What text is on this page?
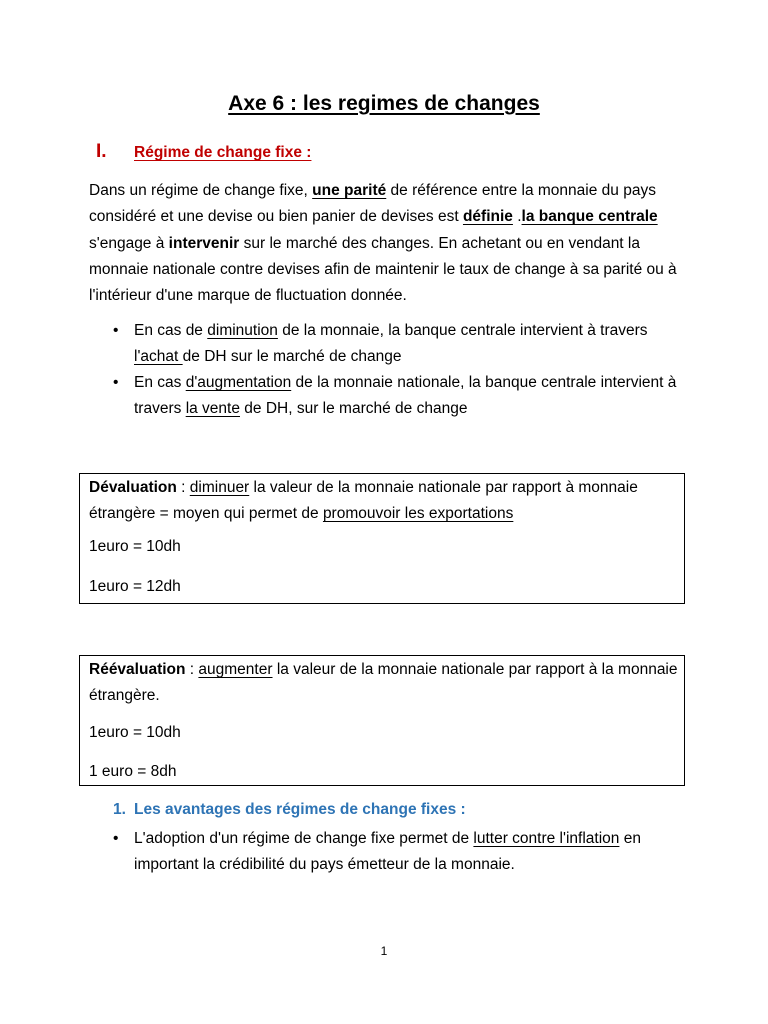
Axe 6 : les regimes de changes
I. Régime de change fixe :
Dans un régime de change fixe, une parité de référence entre la monnaie du pays considéré et une devise ou bien panier de devises est définie .la banque centrale s'engage à intervenir sur le marché des changes. En achetant ou en vendant la monnaie nationale contre devises afin de maintenir le taux de change à sa parité ou à l'intérieur d'une marque de fluctuation donnée.
• En cas de diminution de la monnaie, la banque centrale intervient à travers l'achat de DH sur le marché de change
• En cas d'augmentation de la monnaie nationale, la banque centrale intervient à travers la vente de DH, sur le marché de change
Dévaluation : diminuer la valeur de la monnaie nationale par rapport à monnaie étrangère = moyen qui permet de promouvoir les exportations
1euro = 10dh
1euro = 12dh
Réévaluation : augmenter la valeur de la monnaie nationale par rapport à la monnaie étrangère.
1euro = 10dh
1 euro = 8dh
1. Les avantages des régimes de change fixes :
• L'adoption d'un régime de change fixe permet de lutter contre l'inflation en important la crédibilité du pays émetteur de la monnaie.
1
